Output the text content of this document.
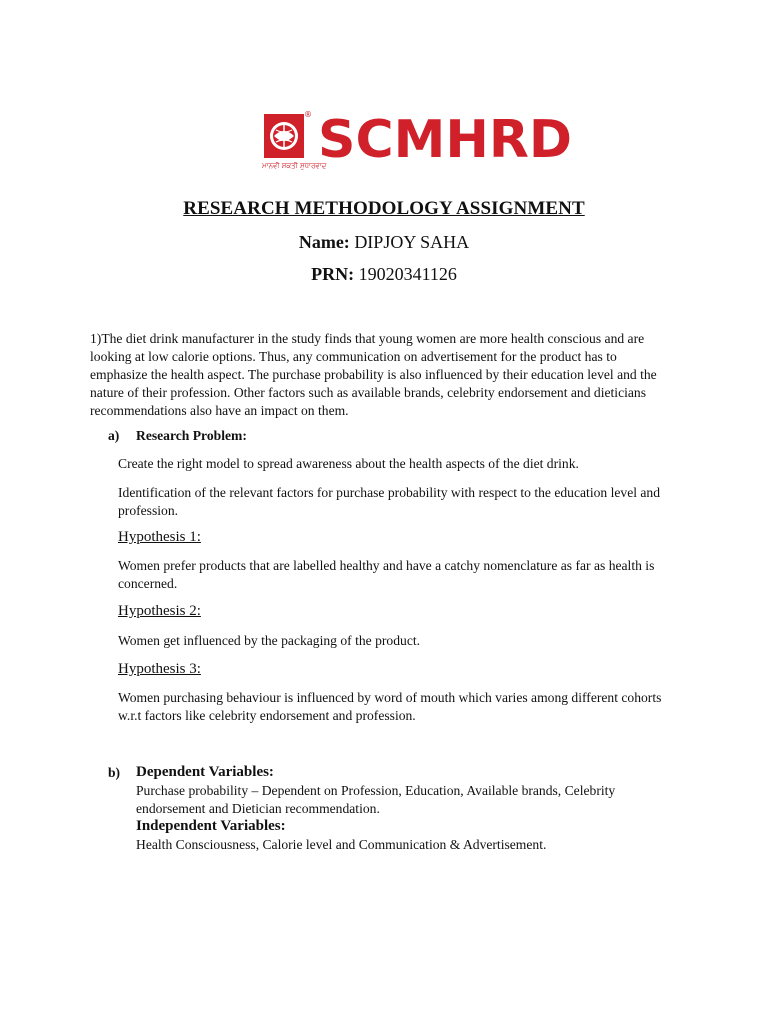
® SCMHRD
ਮਾਨਵੀ ਸ਼ਕਤੀ ਸੁਧਾਰਵਾਦ
RESEARCH METHODOLOGY ASSIGNMENT
Name: DIPJOY SAHA
PRN: 19020341126
1)The diet drink manufacturer in the study finds that young women are more health conscious and are
looking at low calorie options. Thus, any communication on advertisement for the product has to
emphasize the health aspect. The purchase probability is also influenced by their education level and the
nature of their profession. Other factors such as available brands, celebrity endorsement and dieticians
recommendations also have an impact on them.
a) Research Problem:
Create the right model to spread awareness about the health aspects of the diet drink.
Identification of the relevant factors for purchase probability with respect to the education level and
profession.
Hypothesis 1:
Women prefer products that are labelled healthy and have a catchy nomenclature as far as health is
concerned.
Hypothesis 2:
Women get influenced by the packaging of the product.
Hypothesis 3:
Women purchasing behaviour is influenced by word of mouth which varies among different cohorts
w.r.t factors like celebrity endorsement and profession.
b) Dependent Variables:
Purchase probability – Dependent on Profession, Education, Available brands, Celebrity
endorsement and Dietician recommendation.
Independent Variables:
Health Consciousness, Calorie level and Communication & Advertisement.
